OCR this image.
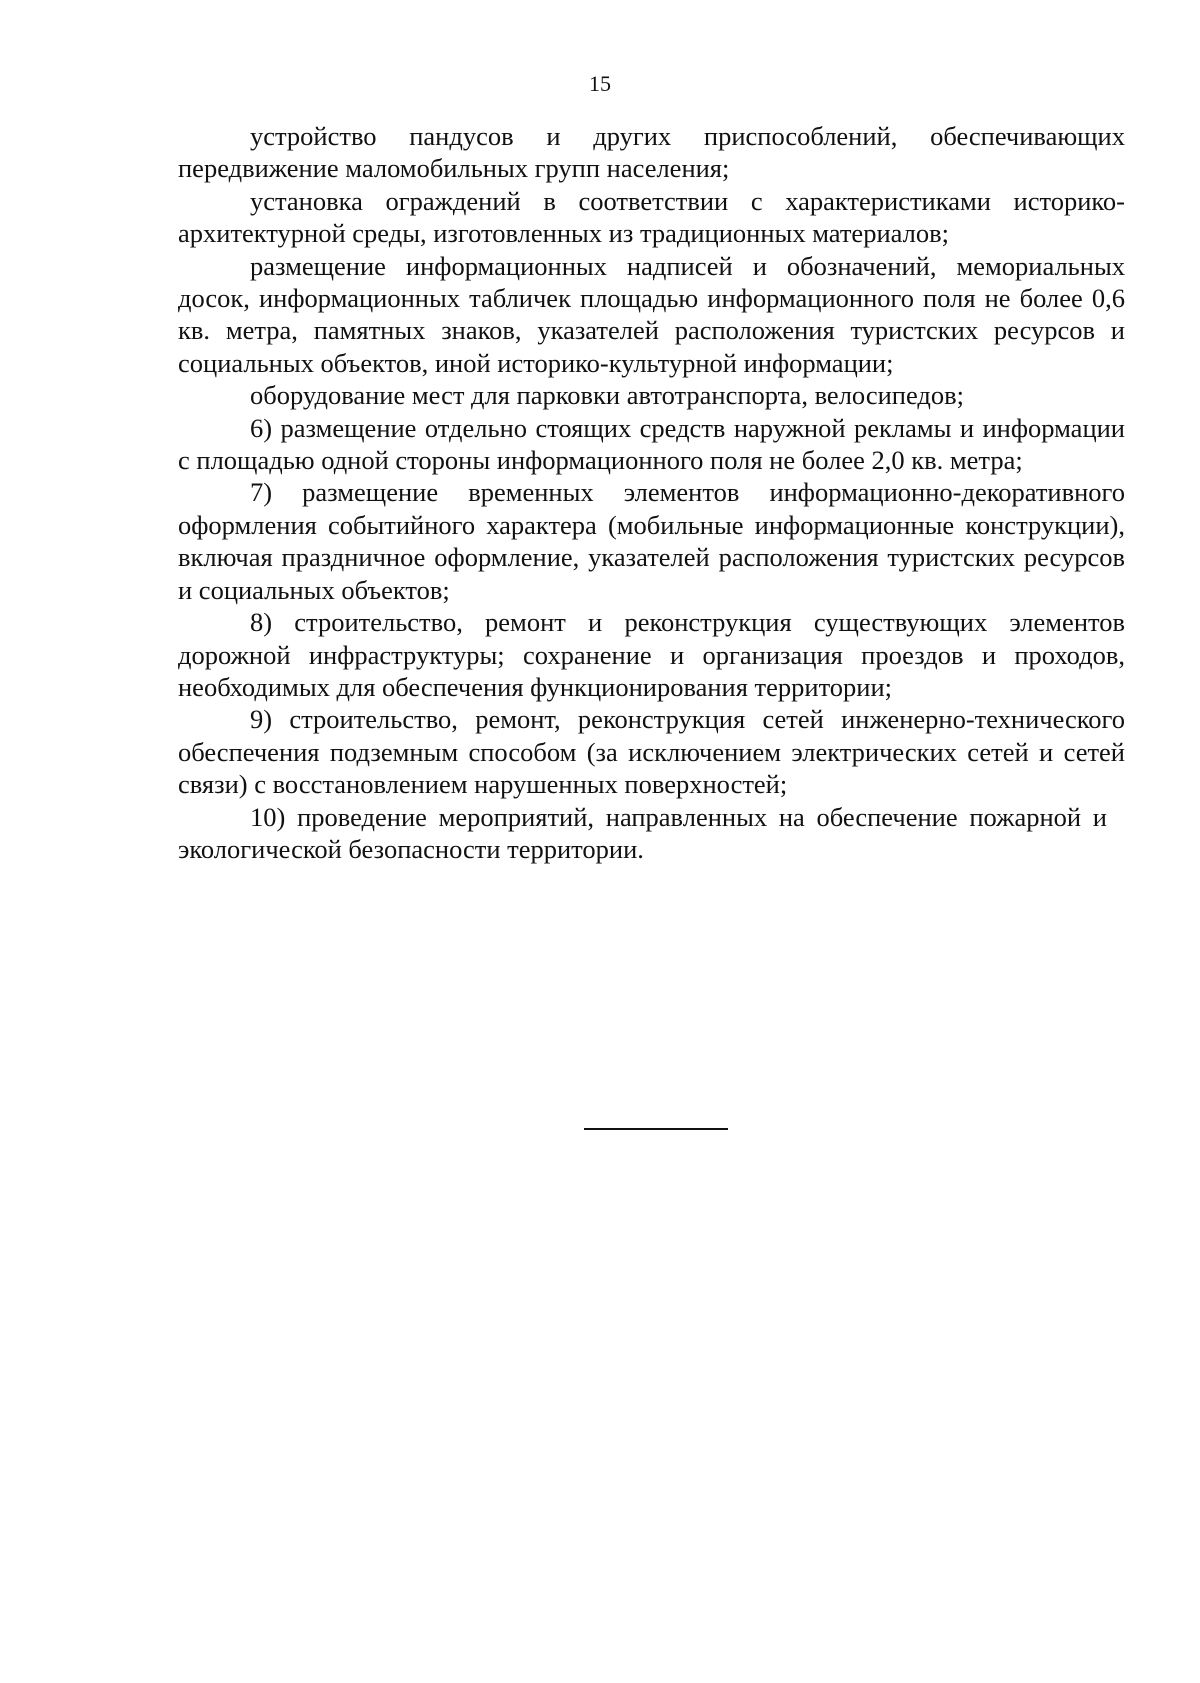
15

устройство пандусов и других приспособлений, обеспечивающих передвижение маломобильных групп населения;

установка ограждений в соответствии с характеристиками историко-архитектурной среды, изготовленных из традиционных материалов;

размещение информационных надписей и обозначений, мемориальных досок, информационных табличек площадью информационного поля не более 0,6 кв. метра, памятных знаков, указателей расположения туристских ресурсов и социальных объектов, иной историко-культурной информации;

оборудование мест для парковки автотранспорта, велосипедов;

6) размещение отдельно стоящих средств наружной рекламы и информации с площадью одной стороны информационного поля не более 2,0 кв. метра;

7) размещение временных элементов информационно-декоративного оформления событийного характера (мобильные информационные конструкции), включая праздничное оформление, указателей расположения туристских ресурсов и социальных объектов;

8) строительство, ремонт и реконструкция существующих элементов дорожной инфраструктуры; сохранение и организация проездов и проходов, необходимых для обеспечения функционирования территории;

9) строительство, ремонт, реконструкция сетей инженерно-технического обеспечения подземным способом (за исключением электрических сетей и сетей связи) с восстановлением нарушенных поверхностей;

10) проведение мероприятий, направленных на обеспечение пожарной и экологической безопасности территории.
